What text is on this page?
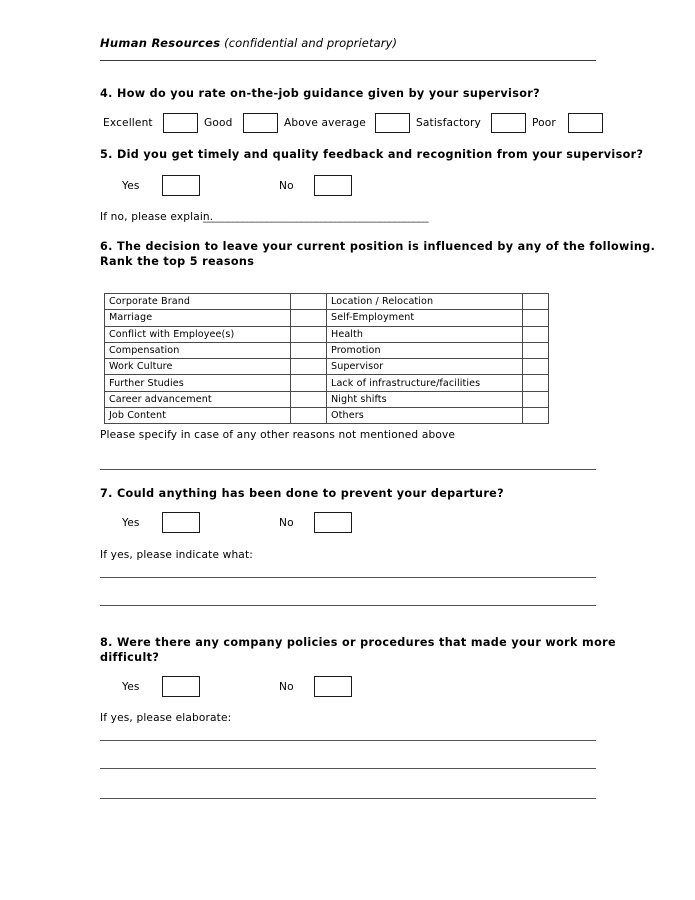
Human Resources (confidential and proprietary)
4. How do you rate on-the-job guidance given by your supervisor?
Excellent	Good	Above average	Satisfactory	Poor
5. Did you get timely and quality feedback and recognition from your supervisor?
Yes	No
If no, please explain.
______________________________________________
6. The decision to leave your current position is influenced by any of the following.
Rank the top 5 reasons
Corporate Brand		Location / Relocation	
Marriage		Self-Employment	
Conflict with Employee(s)		Health	
Compensation		Promotion	
Work Culture		Supervisor	
Further Studies		Lack of infrastructure/facilities	
Career advancement		Night shifts	
Job Content		Others	
Please specify in case of any other reasons not mentioned above
7. Could anything has been done to prevent your departure?
Yes	No
If yes, please indicate what:
8. Were there any company policies or procedures that made your work more
difficult?
Yes	No
If yes, please elaborate:
